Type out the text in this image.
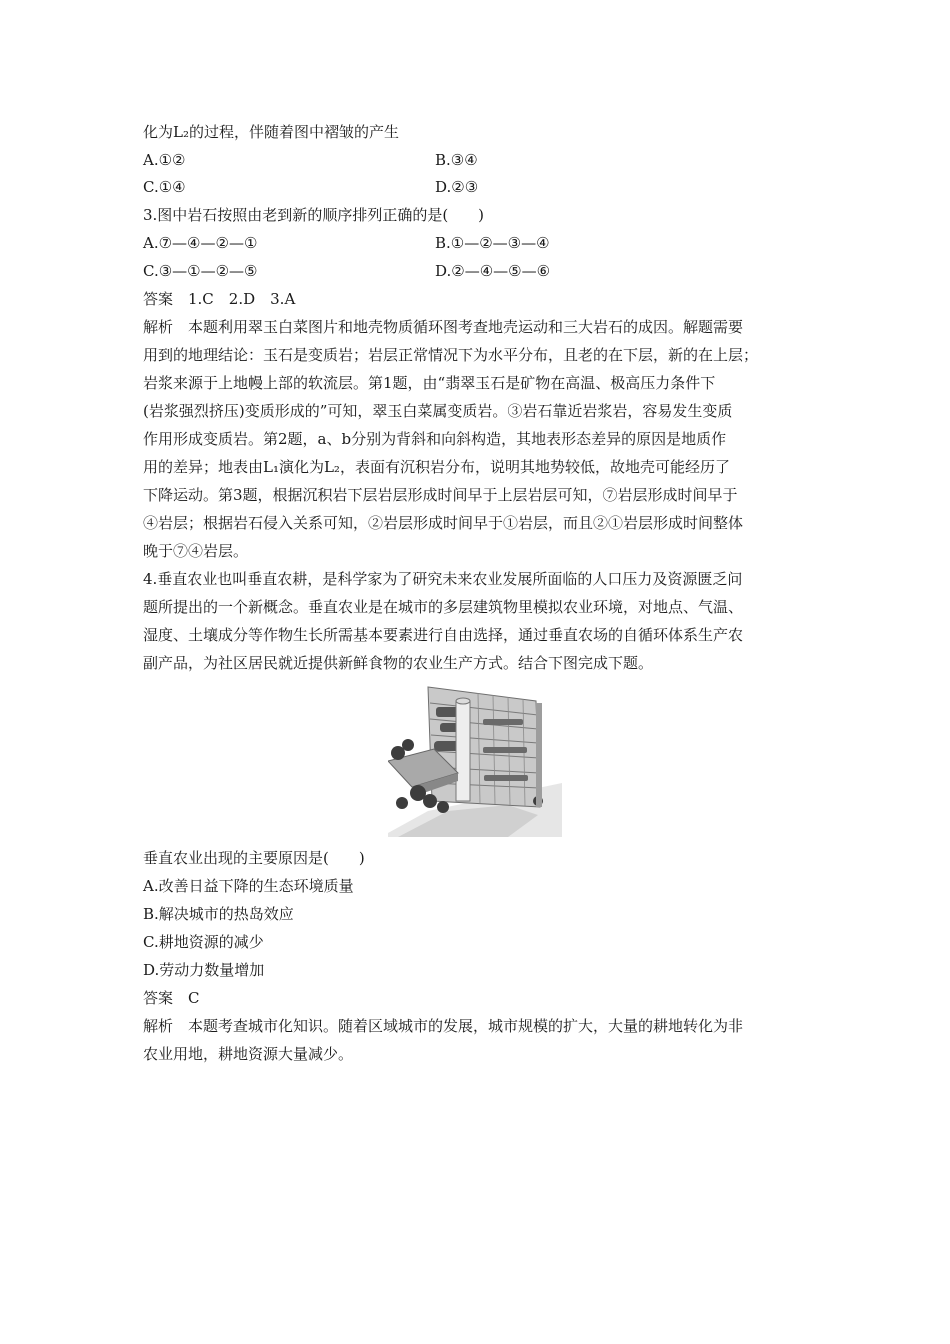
化为L₂的过程，伴随着图中褶皱的产生
A.①②	B.③④
C.①④	D.②③
3.图中岩石按照由老到新的顺序排列正确的是(　　)
A.⑦—④—②—①	B.①—②—③—④
C.③—①—②—⑤	D.②—④—⑤—⑥
答案　1.C　2.D　3.A
解析　本题利用翠玉白菜图片和地壳物质循环图考查地壳运动和三大岩石的成因。解题需要
用到的地理结论：玉石是变质岩；岩层正常情况下为水平分布，且老的在下层，新的在上层；
岩浆来源于上地幔上部的软流层。第1题，由“翡翠玉石是矿物在高温、极高压力条件下
(岩浆强烈挤压)变质形成的”可知，翠玉白菜属变质岩。③岩石靠近岩浆岩，容易发生变质
作用形成变质岩。第2题，a、b分别为背斜和向斜构造，其地表形态差异的原因是地质作
用的差异；地表由L₁演化为L₂，表面有沉积岩分布，说明其地势较低，故地壳可能经历了
下降运动。第3题，根据沉积岩下层岩层形成时间早于上层岩层可知，⑦岩层形成时间早于
④岩层；根据岩石侵入关系可知，②岩层形成时间早于①岩层，而且②①岩层形成时间整体
晚于⑦④岩层。
4.垂直农业也叫垂直农耕，是科学家为了研究未来农业发展所面临的人口压力及资源匮乏问
题所提出的一个新概念。垂直农业是在城市的多层建筑物里模拟农业环境，对地点、气温、
湿度、土壤成分等作物生长所需基本要素进行自由选择，通过垂直农场的自循环体系生产农
副产品，为社区居民就近提供新鲜食物的农业生产方式。结合下图完成下题。
垂直农业出现的主要原因是(　　)
A.改善日益下降的生态环境质量
B.解决城市的热岛效应
C.耕地资源的减少
D.劳动力数量增加
答案　C
解析　本题考查城市化知识。随着区域城市的发展，城市规模的扩大，大量的耕地转化为非
农业用地，耕地资源大量减少。
